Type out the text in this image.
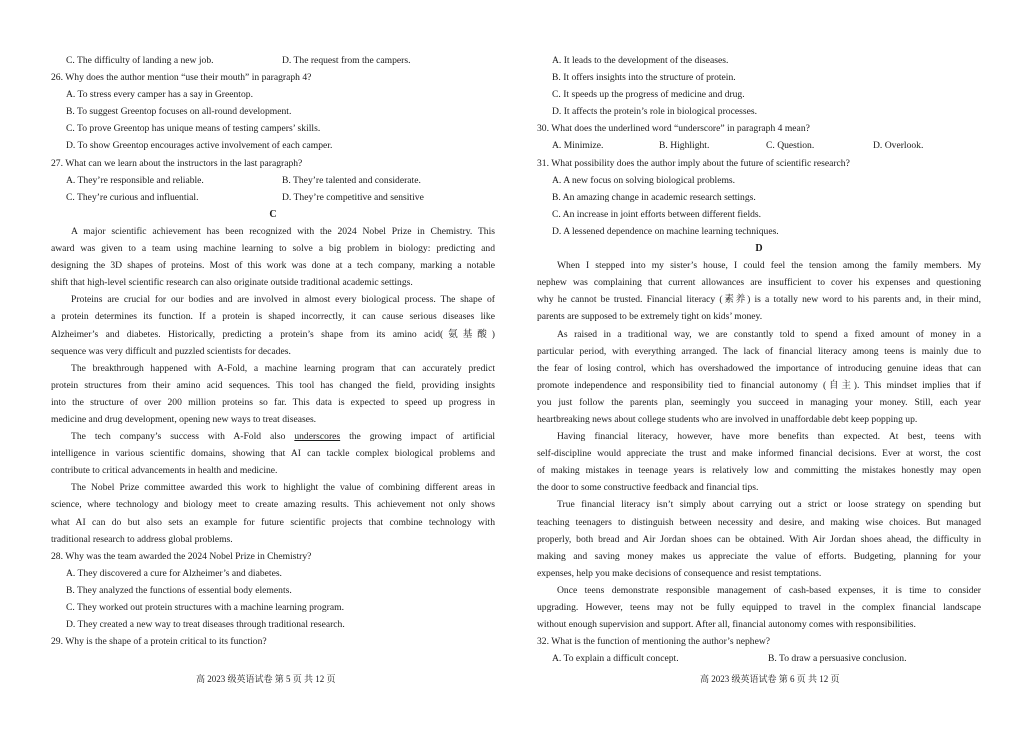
C. The difficulty of landing a new job.	D. The request from the campers.
26. Why does the author mention “use their mouth” in paragraph 4?
A. To stress every camper has a say in Greentop.
B. To suggest Greentop focuses on all-round development.
C. To prove Greentop has unique means of testing campers’ skills.
D. To show Greentop encourages active involvement of each camper.
27. What can we learn about the instructors in the last paragraph?
A. They’re responsible and reliable.	B. They’re talented and considerate.
C. They’re curious and influential.	D. They’re competitive and sensitive
C
A major scientific achievement has been recognized with the 2024 Nobel Prize in Chemistry. This
award was given to a team using machine learning to solve a big problem in biology: predicting and
designing the 3D shapes of proteins. Most of this work was done at a tech company, marking a notable
shift that high-level scientific research can also originate outside traditional academic settings.
Proteins are crucial for our bodies and are involved in almost every biological process. The shape of
a protein determines its function. If a protein is shaped incorrectly, it can cause serious diseases like
Alzheimer’s and diabetes. Historically, predicting a protein’s shape from its amino acid(氨基酸)
sequence was very difficult and puzzled scientists for decades.
The breakthrough happened with A-Fold, a machine learning program that can accurately predict
protein structures from their amino acid sequences. This tool has changed the field, providing insights
into the structure of over 200 million proteins so far. This data is expected to speed up progress in
medicine and drug development, opening new ways to treat diseases.
The tech company’s success with A-Fold also underscores the growing impact of artificial
intelligence in various scientific domains, showing that AI can tackle complex biological problems and
contribute to critical advancements in health and medicine.
The Nobel Prize committee awarded this work to highlight the value of combining different areas in
science, where technology and biology meet to create amazing results. This achievement not only shows
what AI can do but also sets an example for future scientific projects that combine technology with
traditional research to address global problems.
28. Why was the team awarded the 2024 Nobel Prize in Chemistry?
A. They discovered a cure for Alzheimer’s and diabetes.
B. They analyzed the functions of essential body elements.
C. They worked out protein structures with a machine learning program.
D. They created a new way to treat diseases through traditional research.
29. Why is the shape of a protein critical to its function?
A. It leads to the development of the diseases.
B. It offers insights into the structure of protein.
C. It speeds up the progress of medicine and drug.
D. It affects the protein’s role in biological processes.
30. What does the underlined word “underscore” in paragraph 4 mean?
A. Minimize.	B. Highlight.	C. Question.	D. Overlook.
31. What possibility does the author imply about the future of scientific research?
A. A new focus on solving biological problems.
B. An amazing change in academic research settings.
C. An increase in joint efforts between different fields.
D. A lessened dependence on machine learning techniques.
D
When I stepped into my sister’s house, I could feel the tension among the family members. My
nephew was complaining that current allowances are insufficient to cover his expenses and questioning
why he cannot be trusted. Financial literacy (素养) is a totally new word to his parents and, in their mind,
parents are supposed to be extremely tight on kids’ money.
As raised in a traditional way, we are constantly told to spend a fixed amount of money in a
particular period, with everything arranged. The lack of financial literacy among teens is mainly due to
the fear of losing control, which has overshadowed the importance of introducing genuine ideas that can
promote independence and responsibility tied to financial autonomy (自主). This mindset implies that if
you just follow the parents plan, seemingly you succeed in managing your money. Still, each year
heartbreaking news about college students who are involved in unaffordable debt keep popping up.
Having financial literacy, however, have more benefits than expected. At best, teens with
self-discipline would appreciate the trust and make informed financial decisions. Ever at worst, the cost
of making mistakes in teenage years is relatively low and committing the mistakes honestly may open
the door to some constructive feedback and financial tips.
True financial literacy isn’t simply about carrying out a strict or loose strategy on spending but
teaching teenagers to distinguish between necessity and desire, and making wise choices. But managed
properly, both bread and Air Jordan shoes can be obtained. With Air Jordan shoes ahead, the difficulty in
making and saving money makes us appreciate the value of efforts. Budgeting, planning for your
expenses, help you make decisions of consequence and resist temptations.
Once teens demonstrate responsible management of cash-based expenses, it is time to consider
upgrading. However, teens may not be fully equipped to travel in the complex financial landscape
without enough supervision and support. After all, financial autonomy comes with responsibilities.
32. What is the function of mentioning the author’s nephew?
A. To explain a difficult concept.	B. To draw a persuasive conclusion.
高 2023 级英语试卷 第 5 页 共 12 页	高 2023 级英语试卷 第 6 页 共 12 页
